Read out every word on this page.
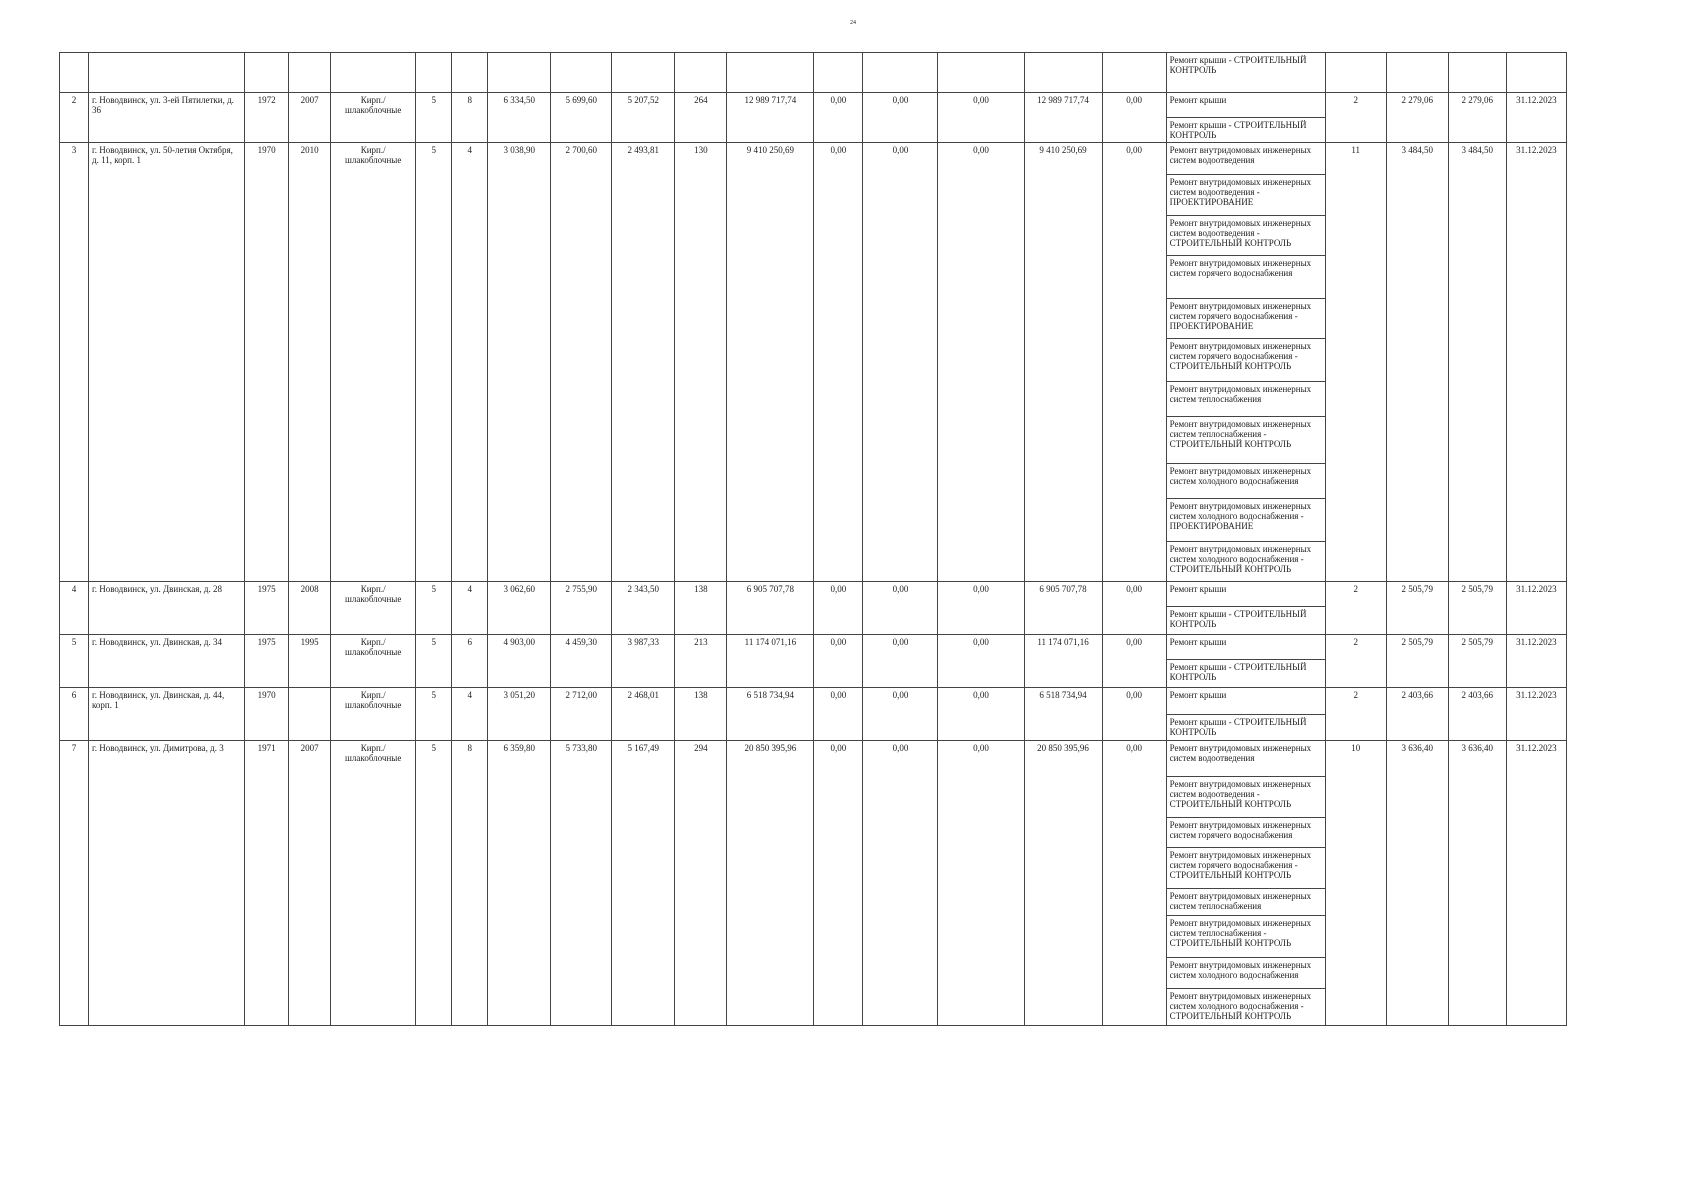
24
																	Ремонт крыши - СТРОИТЕЛЬНЫЙ КОНТРОЛЬ				
2	г. Новодвинск, ул. 3-ей Пятилетки, д. 36	1972	2007	Кирп./ шлакоблочные	5	8	6 334,50	5 699,60	5 207,52	264	12 989 717,74	0,00	0,00	0,00	12 989 717,74	0,00	Ремонт крыши	2	2 279,06	2 279,06	31.12.2023
																	Ремонт крыши - СТРОИТЕЛЬНЫЙ КОНТРОЛЬ				
3	г. Новодвинск, ул. 50-летия Октября, д. 11, корп. 1	1970	2010	Кирп./ шлакоблочные	5	4	3 038,90	2 700,60	2 493,81	130	9 410 250,69	0,00	0,00	0,00	9 410 250,69	0,00	Ремонт внутридомовых инженерных систем водоотведения	11	3 484,50	3 484,50	31.12.2023
																	Ремонт внутридомовых инженерных систем водоотведения - ПРОЕКТИРОВАНИЕ				
																	Ремонт внутридомовых инженерных систем водоотведения - СТРОИТЕЛЬНЫЙ КОНТРОЛЬ				
																	Ремонт внутридомовых инженерных систем горячего водоснабжения				
																	Ремонт внутридомовых инженерных систем горячего водоснабжения - ПРОЕКТИРОВАНИЕ				
																	Ремонт внутридомовых инженерных систем горячего водоснабжения - СТРОИТЕЛЬНЫЙ КОНТРОЛЬ				
																	Ремонт внутридомовых инженерных систем теплоснабжения				
																	Ремонт внутридомовых инженерных систем теплоснабжения - СТРОИТЕЛЬНЫЙ КОНТРОЛЬ				
																	Ремонт внутридомовых инженерных систем холодного водоснабжения				
																	Ремонт внутридомовых инженерных систем холодного водоснабжения - ПРОЕКТИРОВАНИЕ				
																	Ремонт внутридомовых инженерных систем холодного водоснабжения - СТРОИТЕЛЬНЫЙ КОНТРОЛЬ				
4	г. Новодвинск, ул. Двинская, д. 28	1975	2008	Кирп./ шлакоблочные	5	4	3 062,60	2 755,90	2 343,50	138	6 905 707,78	0,00	0,00	0,00	6 905 707,78	0,00	Ремонт крыши	2	2 505,79	2 505,79	31.12.2023
																	Ремонт крыши - СТРОИТЕЛЬНЫЙ КОНТРОЛЬ				
5	г. Новодвинск, ул. Двинская, д. 34	1975	1995	Кирп./ шлакоблочные	5	6	4 903,00	4 459,30	3 987,33	213	11 174 071,16	0,00	0,00	0,00	11 174 071,16	0,00	Ремонт крыши	2	2 505,79	2 505,79	31.12.2023
																	Ремонт крыши - СТРОИТЕЛЬНЫЙ КОНТРОЛЬ				
6	г. Новодвинск, ул. Двинская, д. 44, корп. 1	1970		Кирп./ шлакоблочные	5	4	3 051,20	2 712,00	2 468,01	138	6 518 734,94	0,00	0,00	0,00	6 518 734,94	0,00	Ремонт крыши	2	2 403,66	2 403,66	31.12.2023
																	Ремонт крыши - СТРОИТЕЛЬНЫЙ КОНТРОЛЬ				
7	г. Новодвинск, ул. Димитрова, д. 3	1971	2007	Кирп./ шлакоблочные	5	8	6 359,80	5 733,80	5 167,49	294	20 850 395,96	0,00	0,00	0,00	20 850 395,96	0,00	Ремонт внутридомовых инженерных систем водоотведения	10	3 636,40	3 636,40	31.12.2023
																	Ремонт внутридомовых инженерных систем водоотведения - СТРОИТЕЛЬНЫЙ КОНТРОЛЬ				
																	Ремонт внутридомовых инженерных систем горячего водоснабжения				
																	Ремонт внутридомовых инженерных систем горячего водоснабжения - СТРОИТЕЛЬНЫЙ КОНТРОЛЬ				
																	Ремонт внутридомовых инженерных систем теплоснабжения				
																	Ремонт внутридомовых инженерных систем теплоснабжения - СТРОИТЕЛЬНЫЙ КОНТРОЛЬ				
																	Ремонт внутридомовых инженерных систем холодного водоснабжения				
																	Ремонт внутридомовых инженерных систем холодного водоснабжения - СТРОИТЕЛЬНЫЙ КОНТРОЛЬ				
